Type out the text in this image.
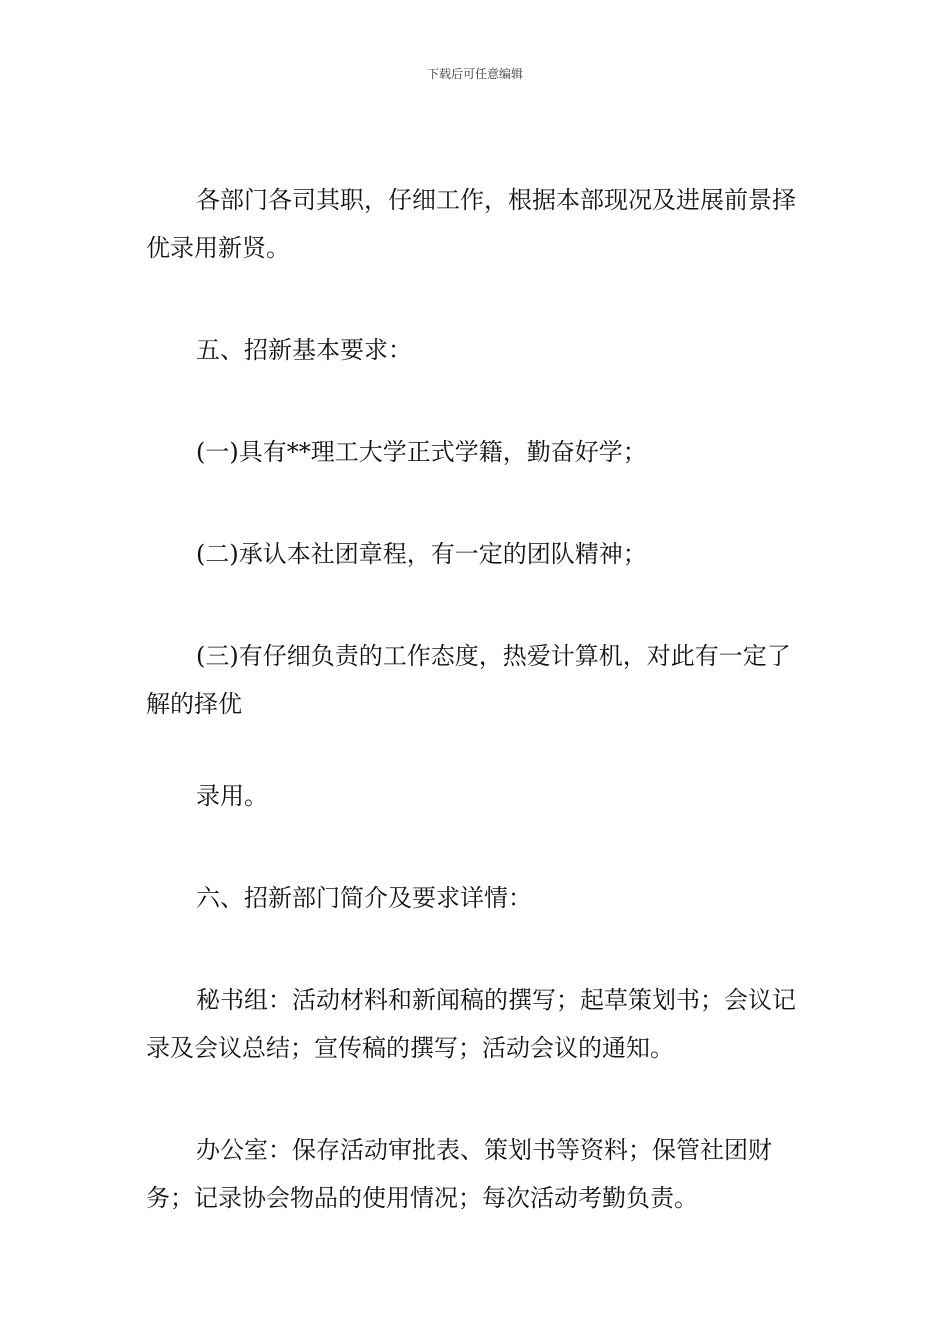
下载后可任意编辑

各部门各司其职，仔细工作，根据本部现况及进展前景择优录用新贤。

五、招新基本要求：

(一)具有**理工大学正式学籍，勤奋好学；

(二)承认本社团章程，有一定的团队精神；

(三)有仔细负责的工作态度，热爱计算机，对此有一定了解的择优

录用。

六、招新部门简介及要求详情：

秘书组：活动材料和新闻稿的撰写；起草策划书；会议记录及会议总结；宣传稿的撰写；活动会议的通知。

办公室：保存活动审批表、策划书等资料；保管社团财务；记录协会物品的使用情况；每次活动考勤负责。
